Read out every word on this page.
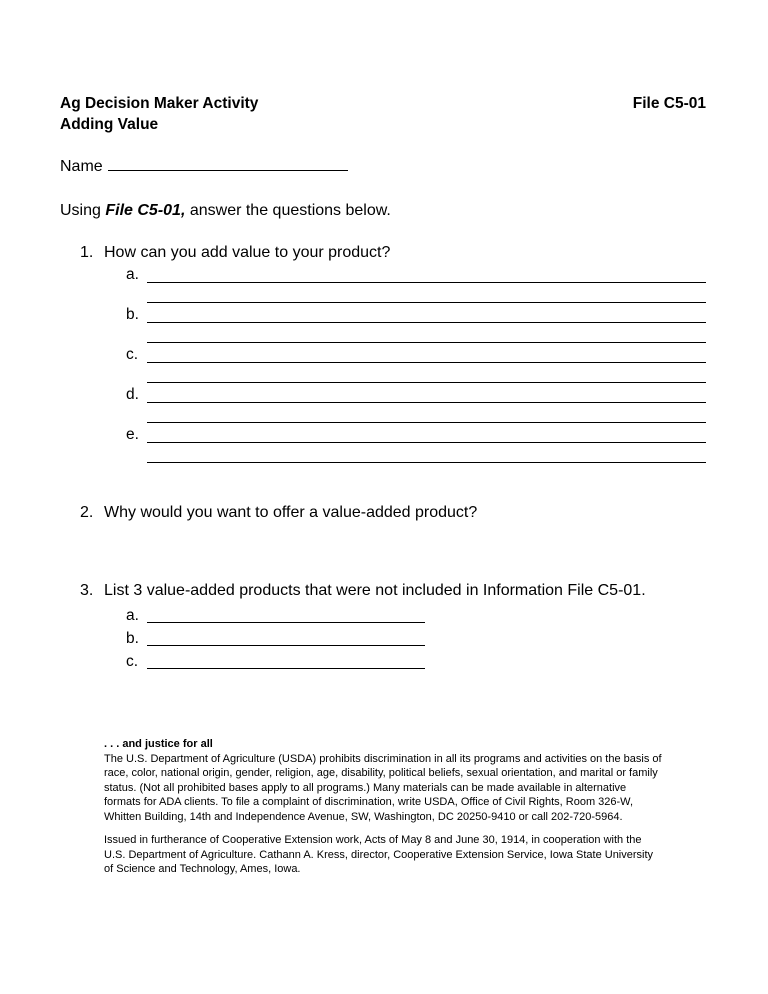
Ag Decision Maker Activity
Adding Value
File C5-01
Name

Using File C5-01, answer the questions below.

1. How can you add value to your product?
a.
b.
c.
d.
e.
2. Why would you want to offer a value-added product?
3. List 3 value-added products that were not included in Information File C5-01.
a.
b.
c.
. . . and justice for all

The U.S. Department of Agriculture (USDA) prohibits discrimination in all its programs and activities on the basis of race, color, national origin, gender, religion, age, disability, political beliefs, sexual orientation, and marital or family status. (Not all prohibited bases apply to all programs.) Many materials can be made available in alternative formats for ADA clients. To file a complaint of discrimination, write USDA, Office of Civil Rights, Room 326-W, Whitten Building, 14th and Independence Avenue, SW, Washington, DC 20250-9410 or call 202-720-5964.

Issued in furtherance of Cooperative Extension work, Acts of May 8 and June 30, 1914, in cooperation with the U.S. Department of Agriculture. Cathann A. Kress, director, Cooperative Extension Service, Iowa State University of Science and Technology, Ames, Iowa.
